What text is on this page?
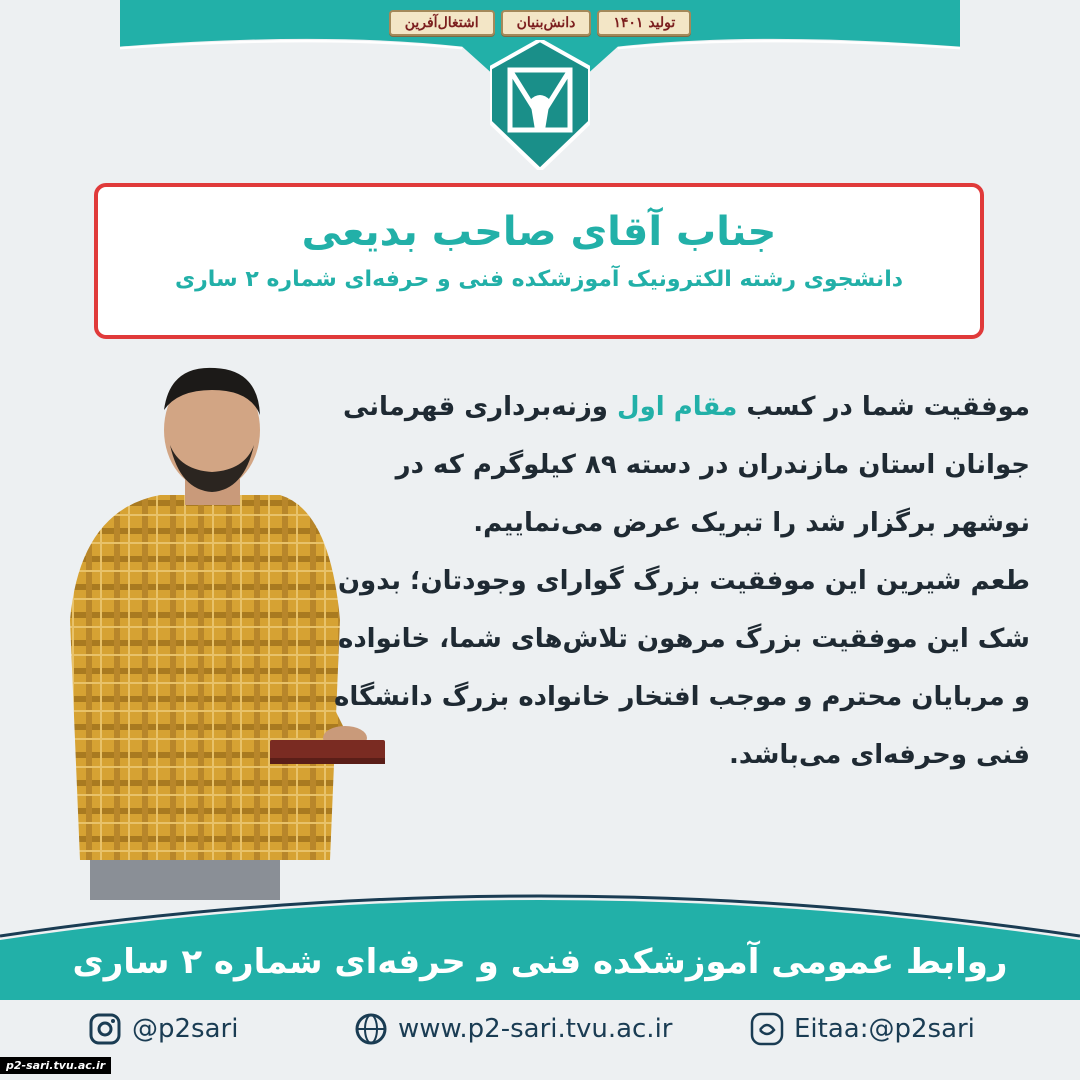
تولید ۱۴۰۱
دانش‌بنیان
اشتغال‌آفرین
جناب آقای صاحب بدیعی
دانشجوی رشته الکترونیک آموزشکده فنی و حرفه‌ای شماره ۲ ساری
موفقیت شما در کسب مقام اول وزنه‌برداری قهرمانی جوانان استان مازندران در دسته ۸۹ کیلوگرم که در نوشهر برگزار شد را تبریک عرض می‌نماییم.
طعم شیرین این موفقیت بزرگ گوارای وجودتان؛ بدون شک این موفقیت بزرگ مرهون تلاش‌های شما، خانواده و مربایان محترم و موجب افتخار خانواده بزرگ دانشگاه فنی وحرفه‌ای می‌باشد.
روابط عمومی آموزشکده فنی و حرفه‌ای شماره ۲ ساری
@p2sari	www.p2-sari.tvu.ac.ir	Eitaa:@p2sari
p2-sari.tvu.ac.ir
